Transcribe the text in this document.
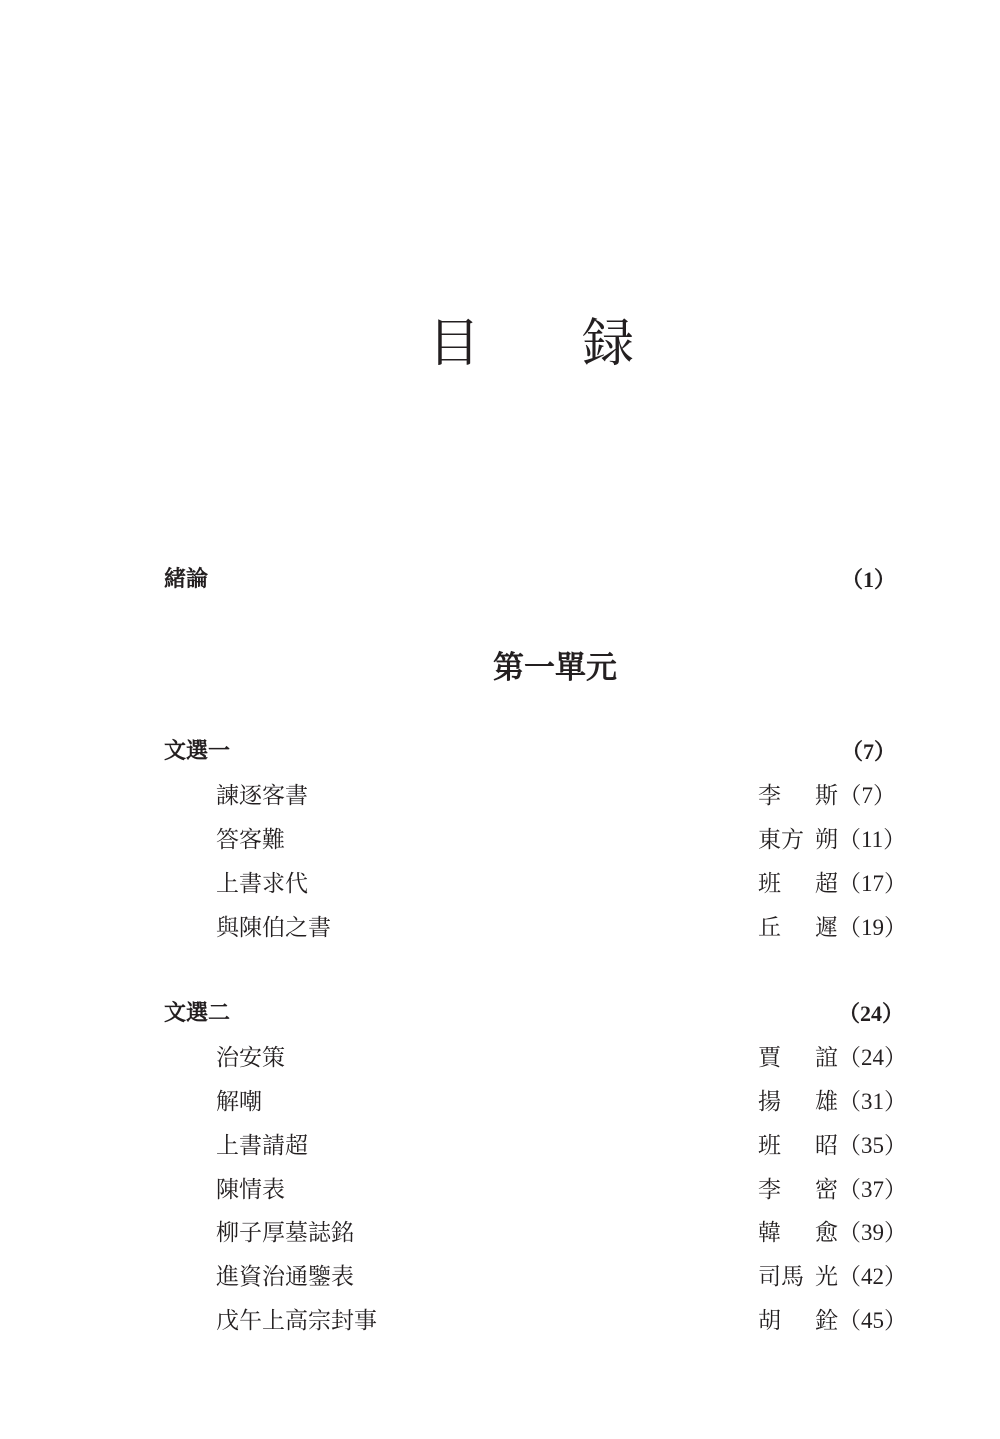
目 録
緒論	（1）
第一單元
文選一	（7）
諫逐客書	李 斯 （7）
答客難	東方 朔 （11）
上書求代	班 超 （17）
與陳伯之書	丘 遲 （19）
文選二	（24）
治安策	賈 誼 （24）
解嘲	揚 雄 （31）
上書請超	班 昭 （35）
陳情表	李 密 （37）
柳子厚墓誌銘	韓 愈 （39）
進資治通鑒表	司馬 光 （42）
戊午上高宗封事	胡 銓 （45）
